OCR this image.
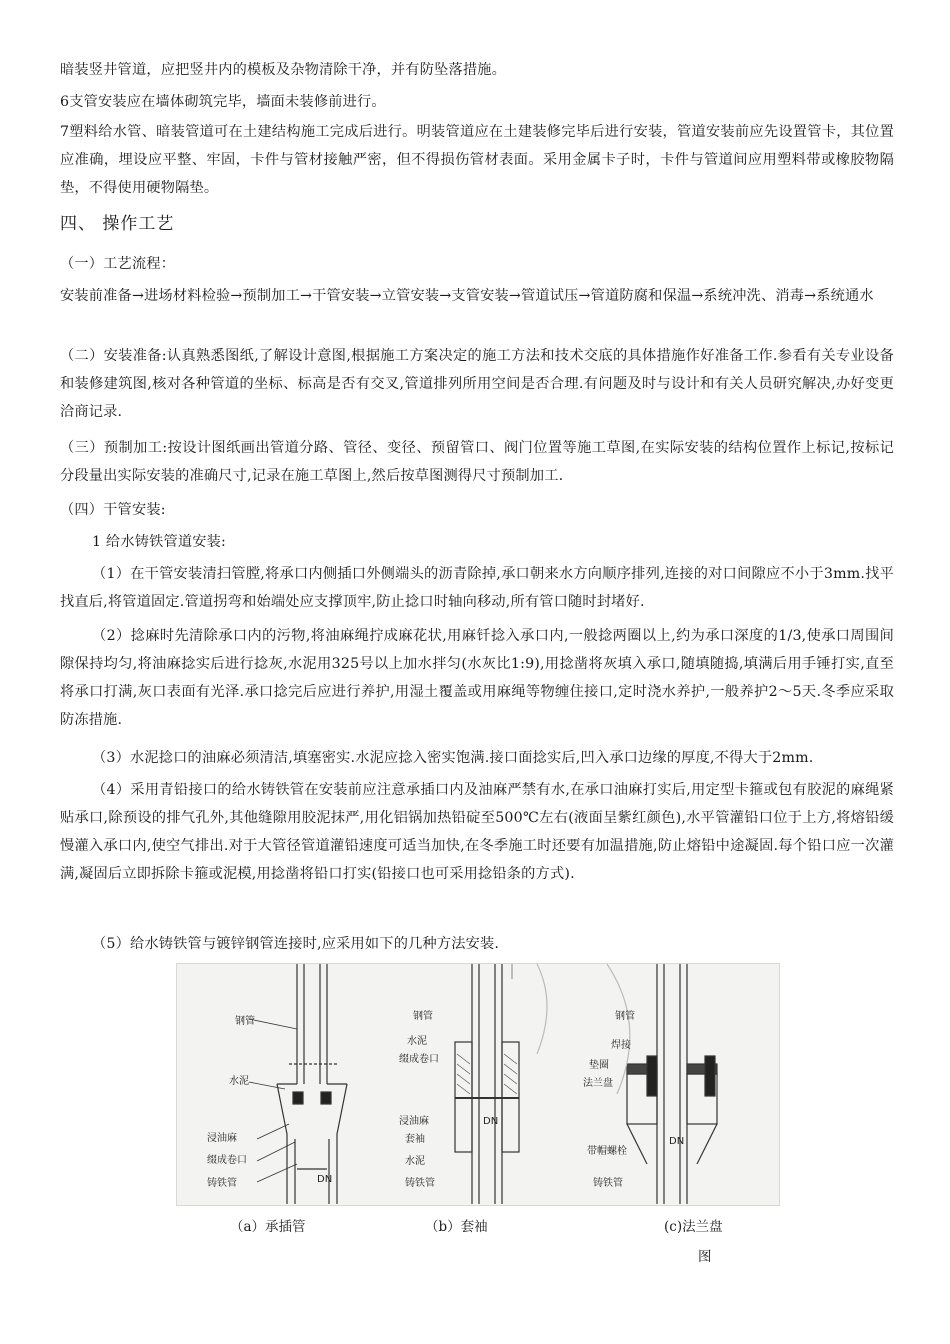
暗装竖井管道，应把竖井内的模板及杂物清除干净，并有防坠落措施。

6支管安装应在墙体砌筑完毕，墙面未装修前进行。

7塑料给水管、暗装管道可在土建结构施工完成后进行。明装管道应在土建装修完毕后进行安装，管道安装前应先设置管卡，其位置应准确，埋设应平整、牢固，卡件与管材接触严密，但不得损伤管材表面。采用金属卡子时，卡件与管道间应用塑料带或橡胶物隔垫，不得使用硬物隔垫。

四、 操作工艺

（一）工艺流程：

安装前准备→进场材料检验→预制加工→干管安装→立管安装→支管安装→管道试压→管道防腐和保温→系统冲洗、消毒→系统通水

（二）安装准备:认真熟悉图纸,了解设计意图,根据施工方案决定的施工方法和技术交底的具体措施作好准备工作.参看有关专业设备和装修建筑图,核对各种管道的坐标、标高是否有交叉,管道排列所用空间是否合理.有问题及时与设计和有关人员研究解决,办好变更洽商记录.

（三）预制加工:按设计图纸画出管道分路、管径、变径、预留管口、阀门位置等施工草图,在实际安装的结构位置作上标记,按标记分段量出实际安装的准确尺寸,记录在施工草图上,然后按草图测得尺寸预制加工.

（四）干管安装:

1 给水铸铁管道安装:

（1）在干管安装清扫管膛,将承口内侧插口外侧端头的沥青除掉,承口朝来水方向顺序排列,连接的对口间隙应不小于3mm.找平找直后,将管道固定.管道拐弯和始端处应支撑顶牢,防止捻口时轴向移动,所有管口随时封堵好.

（2）捻麻时先清除承口内的污物,将油麻绳拧成麻花状,用麻钎捻入承口内,一般捻两圈以上,约为承口深度的1/3,使承口周围间隙保持均匀,将油麻捻实后进行捻灰,水泥用325号以上加水拌匀(水灰比1:9),用捻凿将灰填入承口,随填随捣,填满后用手锤打实,直至将承口打满,灰口表面有光泽.承口捻完后应进行养护,用湿土覆盖或用麻绳等物缠住接口,定时浇水养护,一般养护2～5天.冬季应采取防冻措施.

（3）水泥捻口的油麻必须清洁,填塞密实.水泥应捻入密实饱满.接口面捻实后,凹入承口边缘的厚度,不得大于2mm.

（4）采用青铅接口的给水铸铁管在安装前应注意承插口内及油麻严禁有水,在承口油麻打实后,用定型卡箍或包有胶泥的麻绳紧贴承口,除预设的排气孔外,其他缝隙用胶泥抹严,用化铝锅加热铅碇至500℃左右(液面呈紫红颜色),水平管灌铅口位于上方,将熔铅缓慢灌入承口内,使空气排出.对于大管径管道灌铅速度可适当加快,在冬季施工时还要有加温措施,防止熔铅中途凝固.每个铅口应一次灌满,凝固后立即拆除卡箍或泥模,用捻凿将铅口打实(铅接口也可采用捻铅条的方式).

（5）给水铸铁管与镀锌钢管连接时,应采用如下的几种方法安装.

钢管
水泥
浸油麻
缀成卷口
铸铁管	DN
钢管
水泥
缀成卷口
浸油麻
套袖
水泥
铸铁管
DN
钢管
焊接
垫圈
法兰盘
带帽螺栓
铸铁管
DN
（a）承插管	（b）套袖	(c)法兰盘
图
